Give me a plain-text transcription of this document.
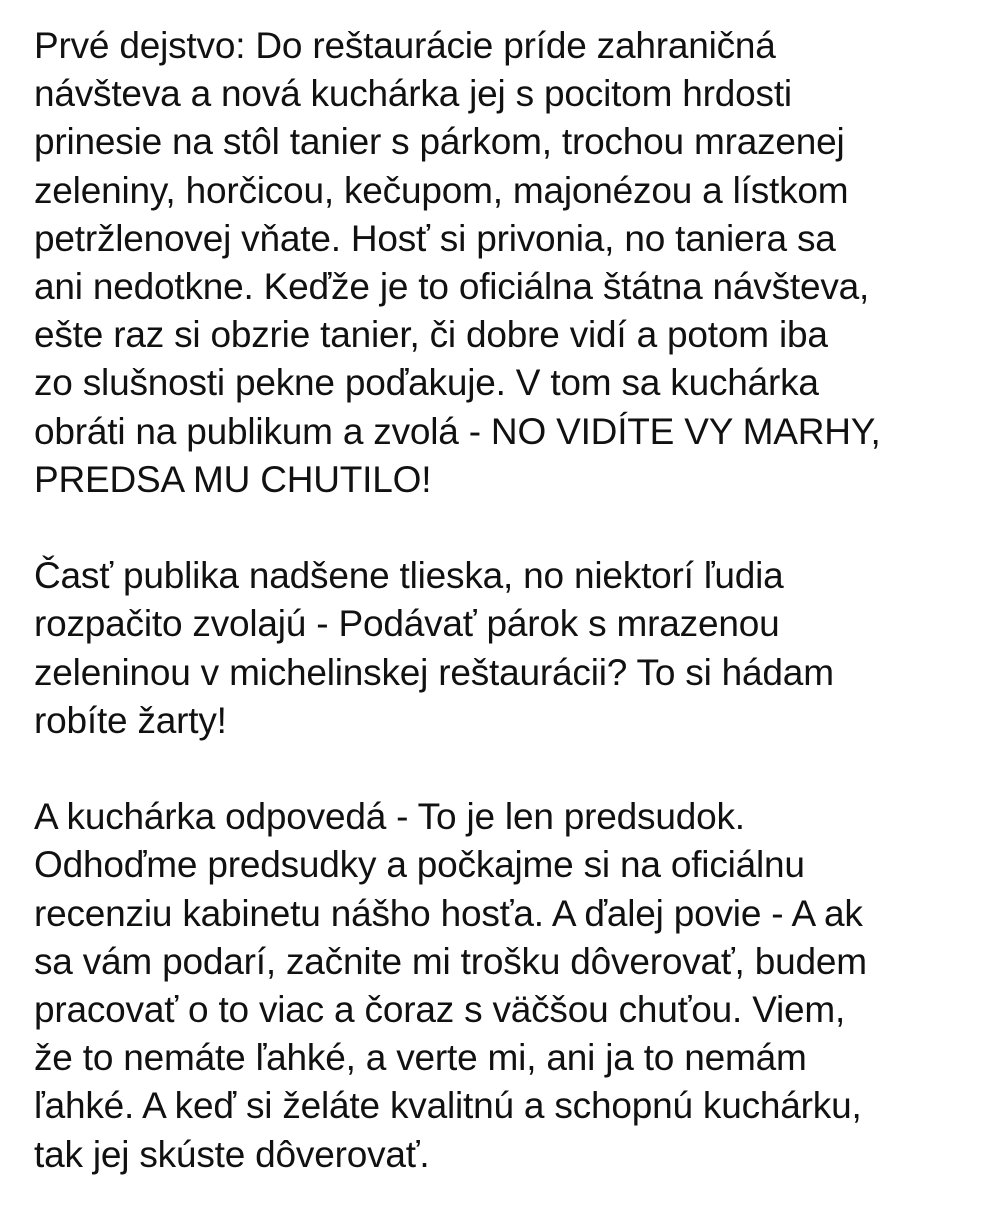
Prvé dejstvo: Do reštaurácie príde zahraničná
návšteva a nová kuchárka jej s pocitom hrdosti
prinesie na stôl tanier s párkom, trochou mrazenej
zeleniny, horčicou, kečupom, majonézou a lístkom
petržlenovej vňate. Hosť si privonia, no taniera sa
ani nedotkne. Keďže je to oficiálna štátna návšteva,
ešte raz si obzrie tanier, či dobre vidí a potom iba
zo slušnosti pekne poďakuje. V tom sa kuchárka
obráti na publikum a zvolá - NO VIDÍTE VY MARHY,
PREDSA MU CHUTILO!

Časť publika nadšene tlieska, no niektorí ľudia
rozpačito zvolajú - Podávať párok s mrazenou
zeleninou v michelinskej reštaurácii? To si hádam
robíte žarty!

A kuchárka odpovedá - To je len predsudok.
Odhoďme predsudky a počkajme si na oficiálnu
recenziu kabinetu nášho hosťa. A ďalej povie - A ak
sa vám podarí, začnite mi trošku dôverovať, budem
pracovať o to viac a čoraz s väčšou chuťou. Viem,
že to nemáte ľahké, a verte mi, ani ja to nemám
ľahké. A keď si želáte kvalitnú a schopnú kuchárku,
tak jej skúste dôverovať.
